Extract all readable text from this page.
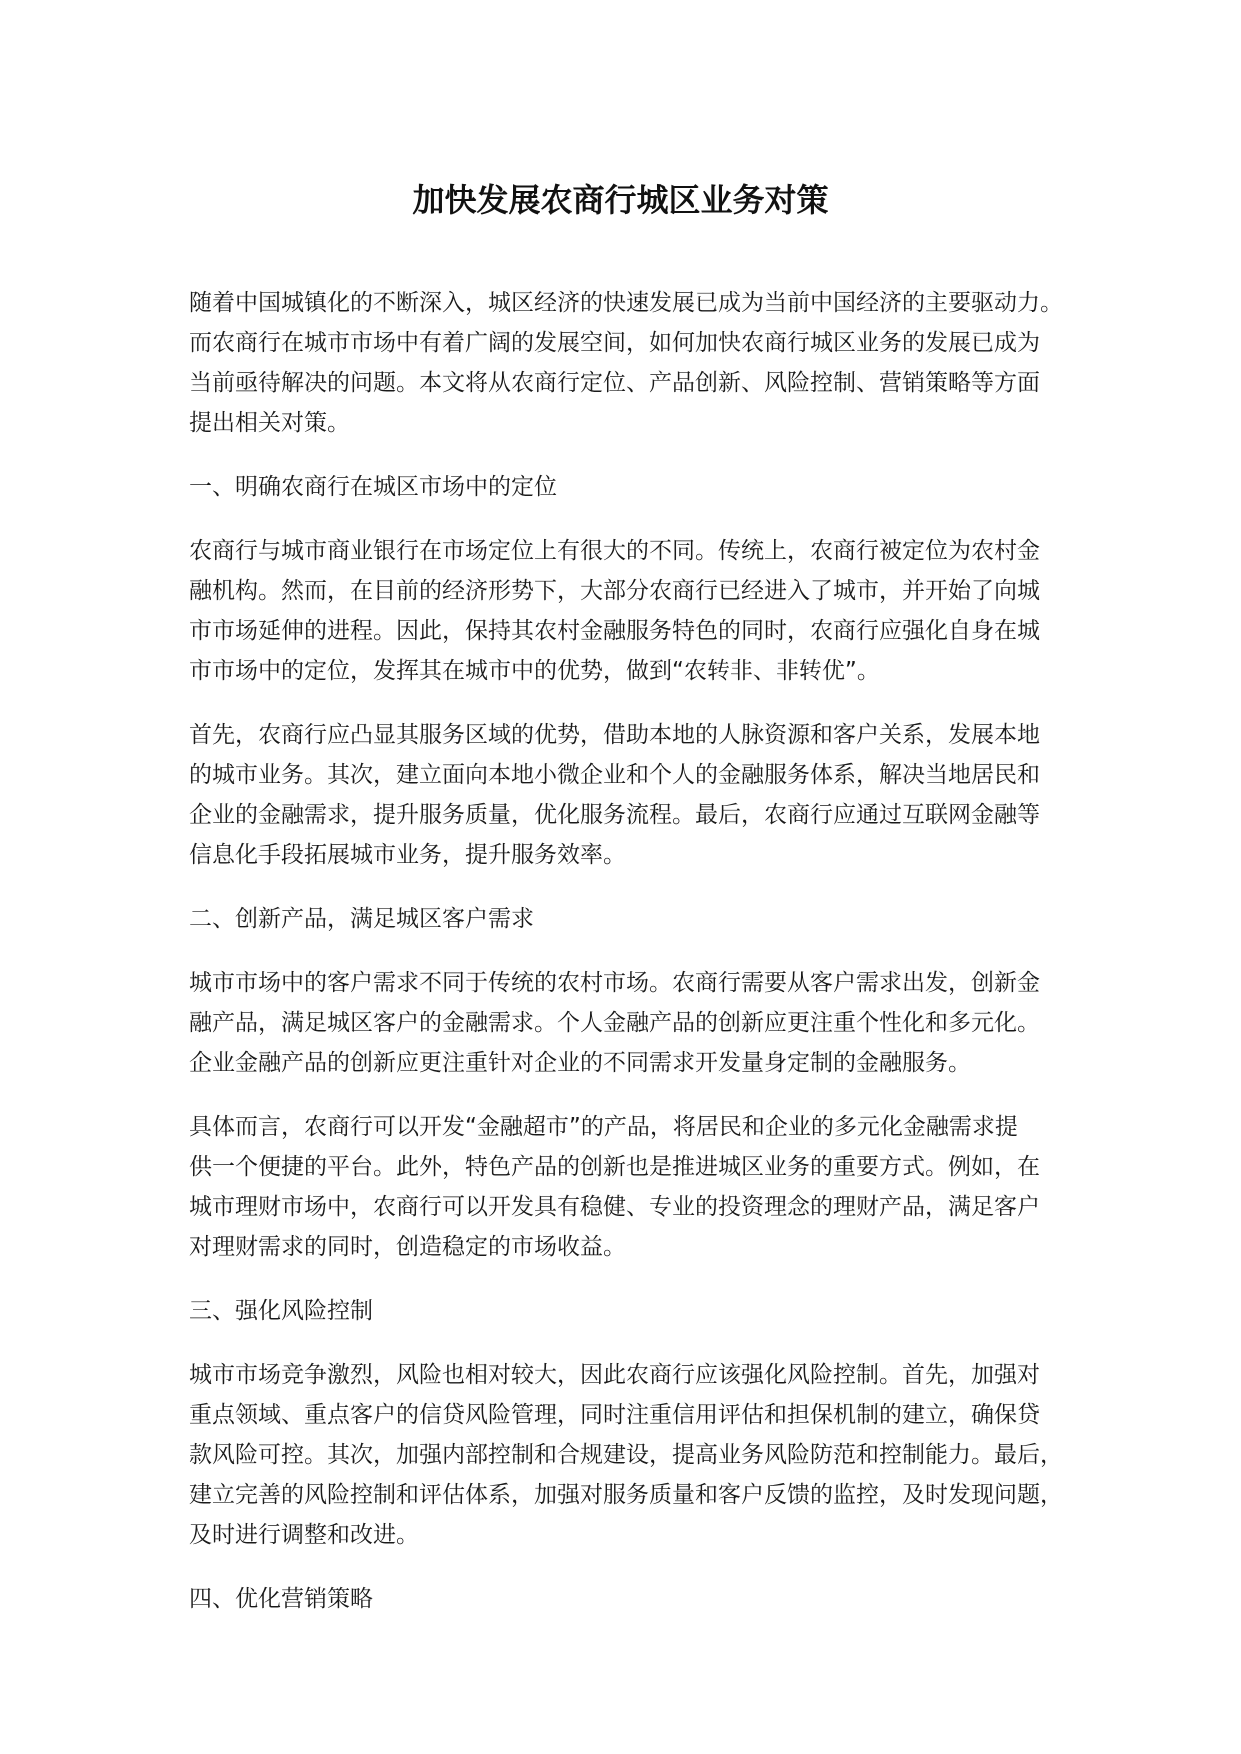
加快发展农商行城区业务对策
随着中国城镇化的不断深入，城区经济的快速发展已成为当前中国经济的主要驱动力。
而农商行在城市市场中有着广阔的发展空间，如何加快农商行城区业务的发展已成为
当前亟待解决的问题。本文将从农商行定位、产品创新、风险控制、营销策略等方面
提出相关对策。
一、明确农商行在城区市场中的定位
农商行与城市商业银行在市场定位上有很大的不同。传统上，农商行被定位为农村金
融机构。然而，在目前的经济形势下，大部分农商行已经进入了城市，并开始了向城
市市场延伸的进程。因此，保持其农村金融服务特色的同时，农商行应强化自身在城
市市场中的定位，发挥其在城市中的优势，做到“农转非、非转优”。
首先，农商行应凸显其服务区域的优势，借助本地的人脉资源和客户关系，发展本地
的城市业务。其次，建立面向本地小微企业和个人的金融服务体系，解决当地居民和
企业的金融需求，提升服务质量，优化服务流程。最后，农商行应通过互联网金融等
信息化手段拓展城市业务，提升服务效率。
二、创新产品，满足城区客户需求
城市市场中的客户需求不同于传统的农村市场。农商行需要从客户需求出发，创新金
融产品，满足城区客户的金融需求。个人金融产品的创新应更注重个性化和多元化。
企业金融产品的创新应更注重针对企业的不同需求开发量身定制的金融服务。
具体而言，农商行可以开发“金融超市”的产品，将居民和企业的多元化金融需求提
供一个便捷的平台。此外，特色产品的创新也是推进城区业务的重要方式。例如，在
城市理财市场中，农商行可以开发具有稳健、专业的投资理念的理财产品，满足客户
对理财需求的同时，创造稳定的市场收益。
三、强化风险控制
城市市场竞争激烈，风险也相对较大，因此农商行应该强化风险控制。首先，加强对
重点领域、重点客户的信贷风险管理，同时注重信用评估和担保机制的建立，确保贷
款风险可控。其次，加强内部控制和合规建设，提高业务风险防范和控制能力。最后，
建立完善的风险控制和评估体系，加强对服务质量和客户反馈的监控，及时发现问题，
及时进行调整和改进。
四、优化营销策略
